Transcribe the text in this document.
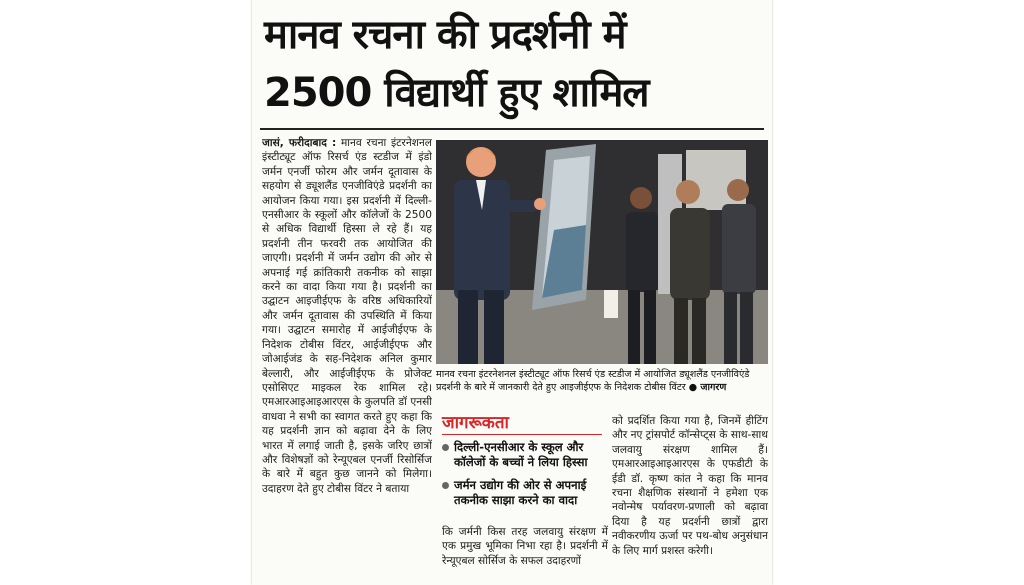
मानव रचना की प्रदर्शनी में
2500 विद्यार्थी हुए शामिल
जासं, फरीदाबाद : मानव रचना इंटरनेशनल इंस्टीट्यूट ऑफ रिसर्च एंड स्टडीज में इंडो जर्मन एनर्जी फोरम और जर्मन दूतावास के सहयोग से ड्यूशलैंड एनजीविएंडे प्रदर्शनी का आयोजन किया गया। इस प्रदर्शनी में दिल्ली-एनसीआर के स्कूलों और कॉलेजों के 2500 से अधिक विद्यार्थी हिस्सा ले रहे हैं। यह प्रदर्शनी तीन फरवरी तक आयोजित की जाएगी। प्रदर्शनी में जर्मन उद्योग की ओर से अपनाई गई क्रांतिकारी तकनीक को साझा करने का वादा किया गया है। प्रदर्शनी का उद्घाटन आइजीईएफ के वरिष्ठ अधिकारियों और जर्मन दूतावास की उपस्थिति में किया गया। उद्घाटन समारोह में आईजीईएफ के निदेशक टोबीस विंटर, आईजीईएफ और जोआईजंड के सह-निदेशक अनिल कुमार बेल्लारी, और आईजीईएफ के प्रोजेक्ट एसोसिएट माइकल रेक शामिल रहे। एमआरआइआइआरएस के कुलपति डॉ एनसी वाधवा ने सभी का स्वागत करते हुए कहा कि यह प्रदर्शनी ज्ञान को बढ़ावा देने के लिए भारत में लगाई जाती है, इसके जरिए छात्रों और विशेषज्ञों को रेन्यूएबल एनर्जी रिसोर्सिज के बारे में बहुत कुछ जानने को मिलेगा। उदाहरण देते हुए टोबीस विंटर ने बताया
मानव रचना इंटरनेशनल इंस्टीट्यूट ऑफ रिसर्च एंड स्टडीज में आयोजित ड्यूशलैंड एनजीविएंडे प्रदर्शनी के बारे में जानकारी देते हुए आइजीईएफ के निदेशक टोबीस विंटर ● जागरण
जागरूकता
दिल्ली-एनसीआर के स्कूल और कॉलेजों के बच्चों ने लिया हिस्सा
जर्मन उद्योग की ओर से अपनाई तकनीक साझा करने का वादा
कि जर्मनी किस तरह जलवायु संरक्षण में एक प्रमुख भूमिका निभा रहा है। प्रदर्शनी में रेन्यूएबल सोर्सिज के सफल उदाहरणों
को प्रदर्शित किया गया है, जिनमें हीटिंग और नए ट्रांसपोर्ट कॉन्सेप्ट्स के साथ-साथ जलवायु संरक्षण शामिल हैं। एमआरआइआइआरएस के एफडीटी के ईडी डॉ. कृष्ण कांत ने कहा कि मानव रचना शैक्षणिक संस्थानों ने हमेशा एक नवोन्मेष पर्यावरण-प्रणाली को बढ़ावा दिया है यह प्रदर्शनी छात्रों द्वारा नवीकरणीय ऊर्जा पर पथ-बोध अनुसंधान के लिए मार्ग प्रशस्त करेगी।
